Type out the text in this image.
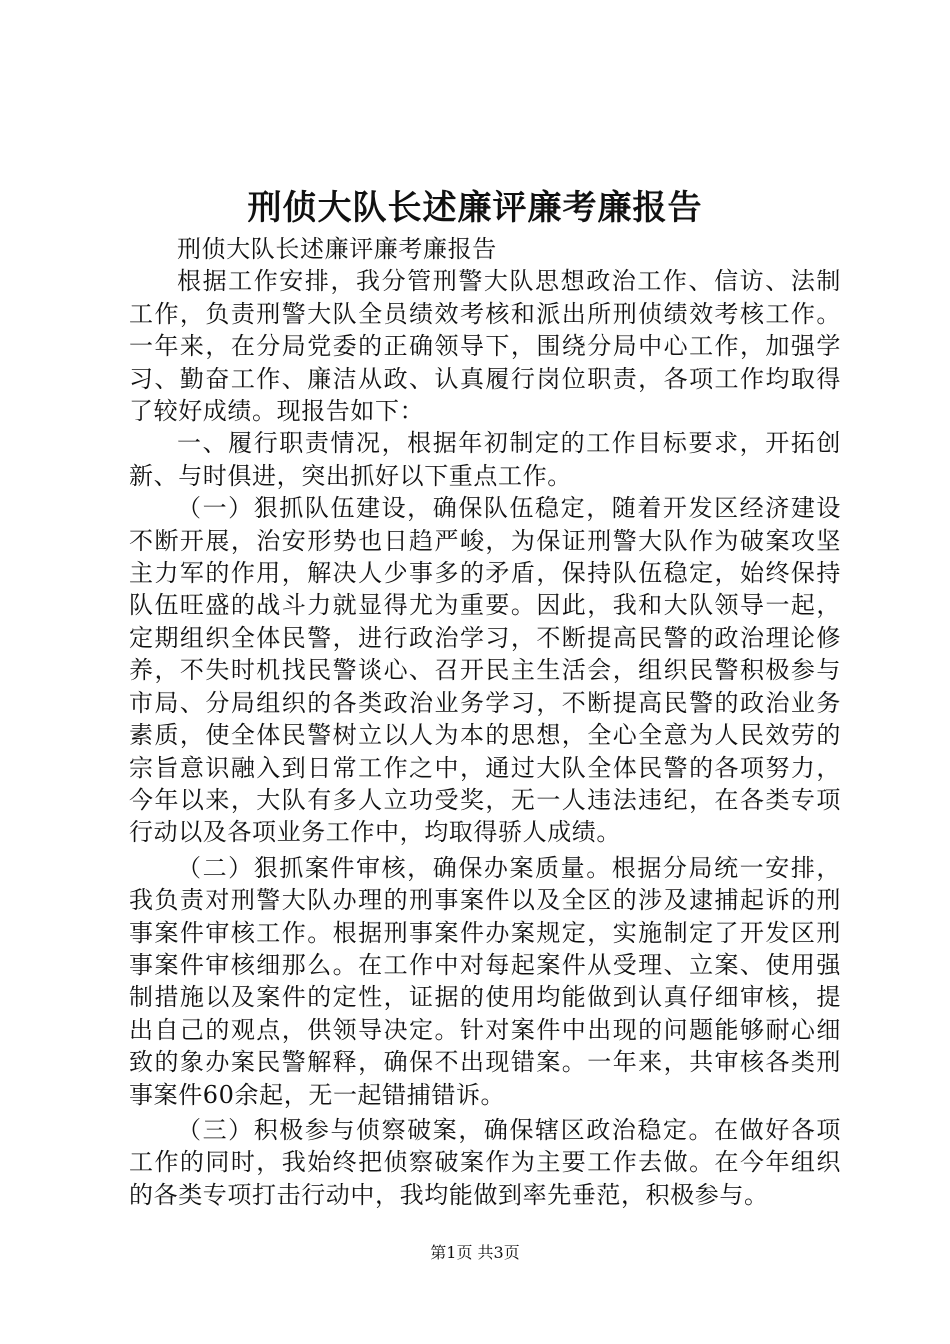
刑侦大队长述廉评廉考廉报告

刑侦大队长述廉评廉考廉报告

根据工作安排，我分管刑警大队思想政治工作、信访、法制工作，负责刑警大队全员绩效考核和派出所刑侦绩效考核工作。一年来，在分局党委的正确领导下，围绕分局中心工作，加强学习、勤奋工作、廉洁从政、认真履行岗位职责，各项工作均取得了较好成绩。现报告如下：

一、履行职责情况，根据年初制定的工作目标要求，开拓创新、与时俱进，突出抓好以下重点工作。

（一）狠抓队伍建设，确保队伍稳定，随着开发区经济建设不断开展，治安形势也日趋严峻，为保证刑警大队作为破案攻坚主力军的作用，解决人少事多的矛盾，保持队伍稳定，始终保持队伍旺盛的战斗力就显得尤为重要。因此，我和大队领导一起，定期组织全体民警，进行政治学习，不断提高民警的政治理论修养，不失时机找民警谈心、召开民主生活会，组织民警积极参与市局、分局组织的各类政治业务学习，不断提高民警的政治业务素质，使全体民警树立以人为本的思想，全心全意为人民效劳的宗旨意识融入到日常工作之中，通过大队全体民警的各项努力，今年以来，大队有多人立功受奖，无一人违法违纪，在各类专项行动以及各项业务工作中，均取得骄人成绩。

（二）狠抓案件审核，确保办案质量。根据分局统一安排，我负责对刑警大队办理的刑事案件以及全区的涉及逮捕起诉的刑事案件审核工作。根据刑事案件办案规定，实施制定了开发区刑事案件审核细那么。在工作中对每起案件从受理、立案、使用强制措施以及案件的定性，证据的使用均能做到认真仔细审核，提出自己的观点，供领导决定。针对案件中出现的问题能够耐心细致的象办案民警解释，确保不出现错案。一年来，共审核各类刑事案件60余起，无一起错捕错诉。

（三）积极参与侦察破案，确保辖区政治稳定。在做好各项工作的同时，我始终把侦察破案作为主要工作去做。在今年组织的各类专项打击行动中，我均能做到率先垂范，积极参与。

第1页 共3页
